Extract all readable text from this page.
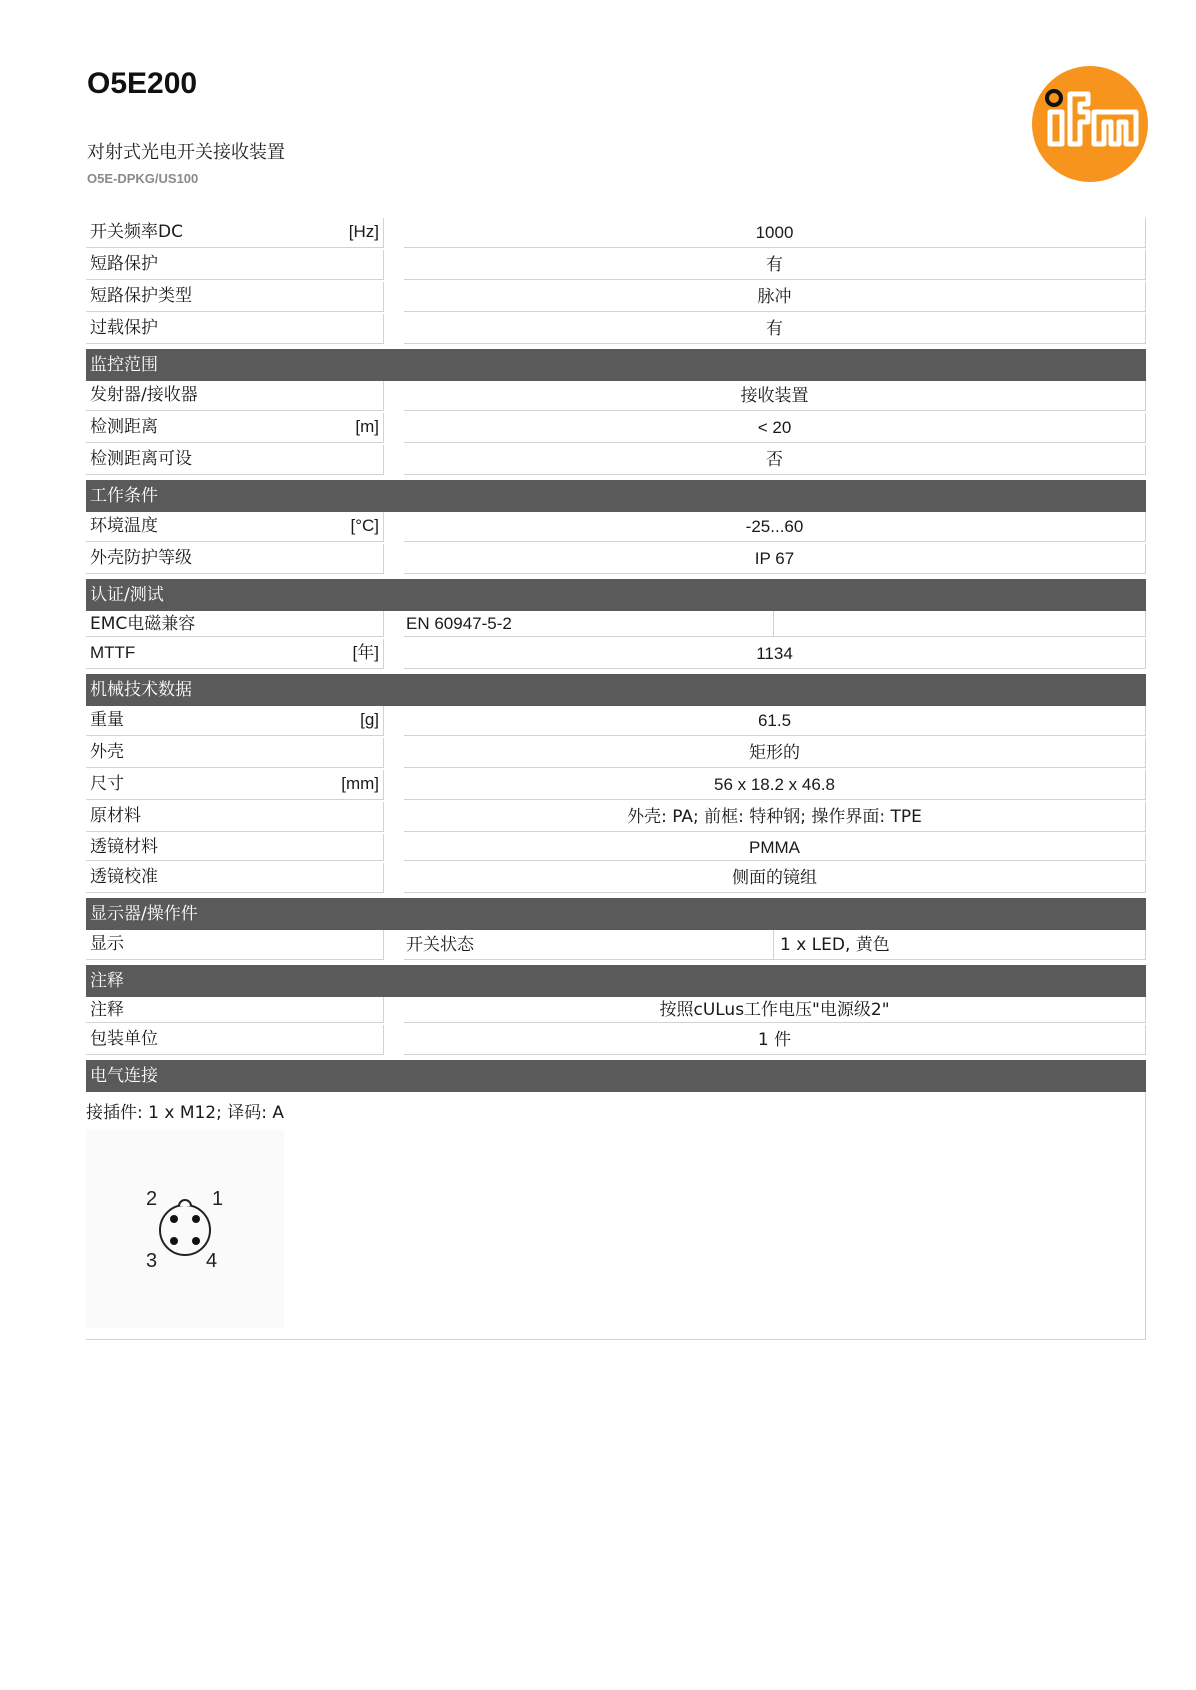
O5E200
对射式光电开关接收装置
O5E-DPKG/US100
开关频率DC	[Hz]	1000
短路保护	有
短路保护类型	脉冲
过载保护	有
监控范围
发射器/接收器	接收装置
检测距离	[m]	< 20
检测距离可设	否
工作条件
环境温度	[°C]	-25...60
外壳防护等级	IP 67
认证/测试
EMC电磁兼容	EN 60947-5-2
MTTF	[年]	1134
机械技术数据
重量	[g]	61.5
外壳	矩形的
尺寸	[mm]	56 x 18.2 x 46.8
原材料	外壳: PA; 前框: 特种钢; 操作界面: TPE
透镜材料	PMMA
透镜校准	侧面的镜组
显示器/操作件
显示	开关状态	1 x LED, 黄色
注释
注释	按照cULus工作电压"电源级2"
包装单位	1 件
电气连接
接插件: 1 x M12; 译码: A
1
2
3 4
